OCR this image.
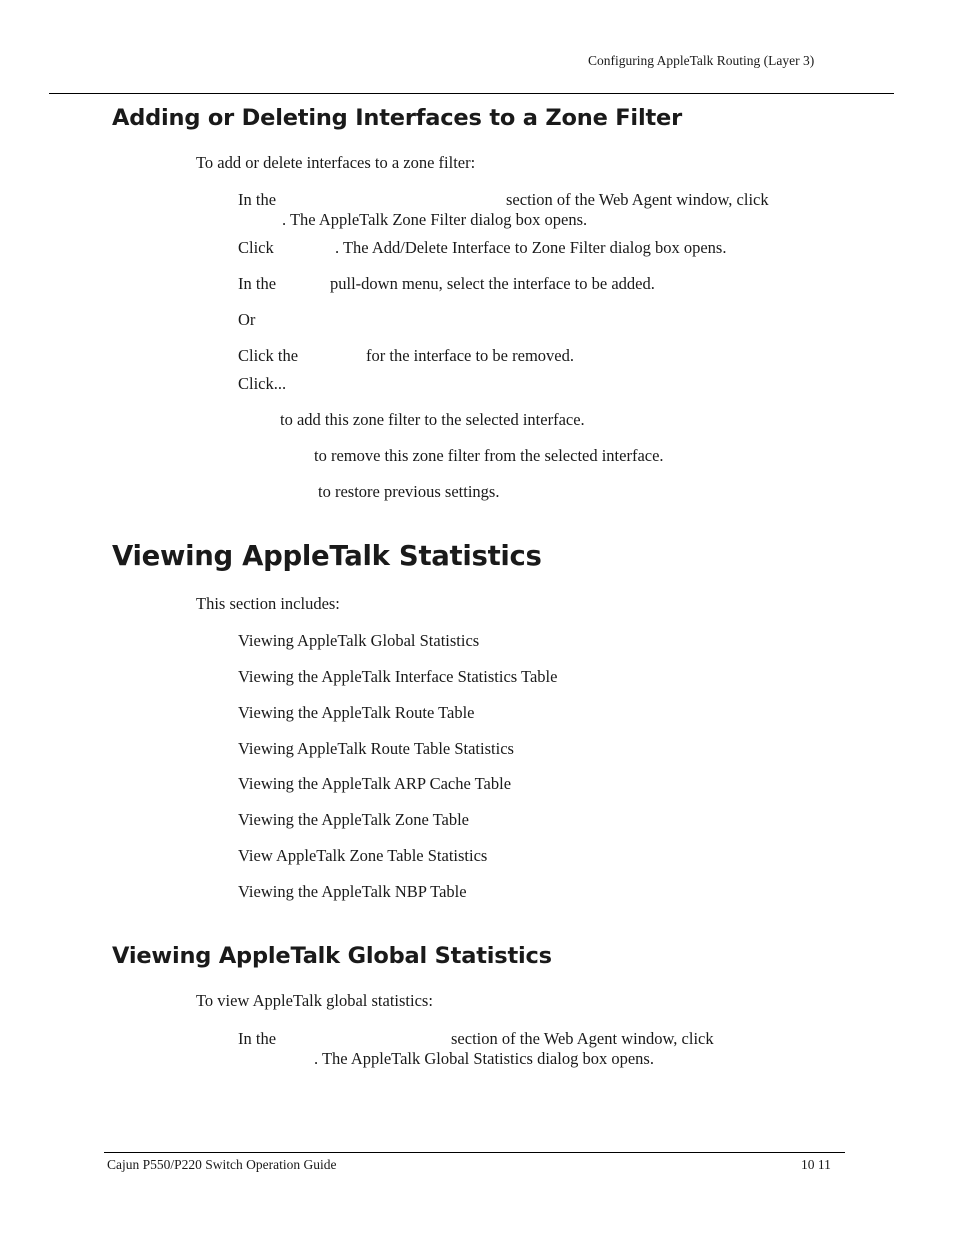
Configuring AppleTalk Routing (Layer 3)
Adding or Deleting Interfaces to a Zone Filter
To add or delete interfaces to a zone filter:
In the	section of the Web Agent window, click
. The AppleTalk Zone Filter dialog box opens.
Click	. The Add/Delete Interface to Zone Filter dialog box opens.
In the	pull-down menu, select the interface to be added.
Or
Click the	for the interface to be removed.
Click...
to add this zone filter to the selected interface.
to remove this zone filter from the selected interface.
to restore previous settings.
Viewing AppleTalk Statistics
This section includes:
Viewing AppleTalk Global Statistics
Viewing the AppleTalk Interface Statistics Table
Viewing the AppleTalk Route Table
Viewing AppleTalk Route Table Statistics
Viewing the AppleTalk ARP Cache Table
Viewing the AppleTalk Zone Table
View AppleTalk Zone Table Statistics
Viewing the AppleTalk NBP Table
Viewing AppleTalk Global Statistics
To view AppleTalk global statistics:
In the	section of the Web Agent window, click
. The AppleTalk Global Statistics dialog box opens.
Cajun P550/P220 Switch Operation Guide	10 11
